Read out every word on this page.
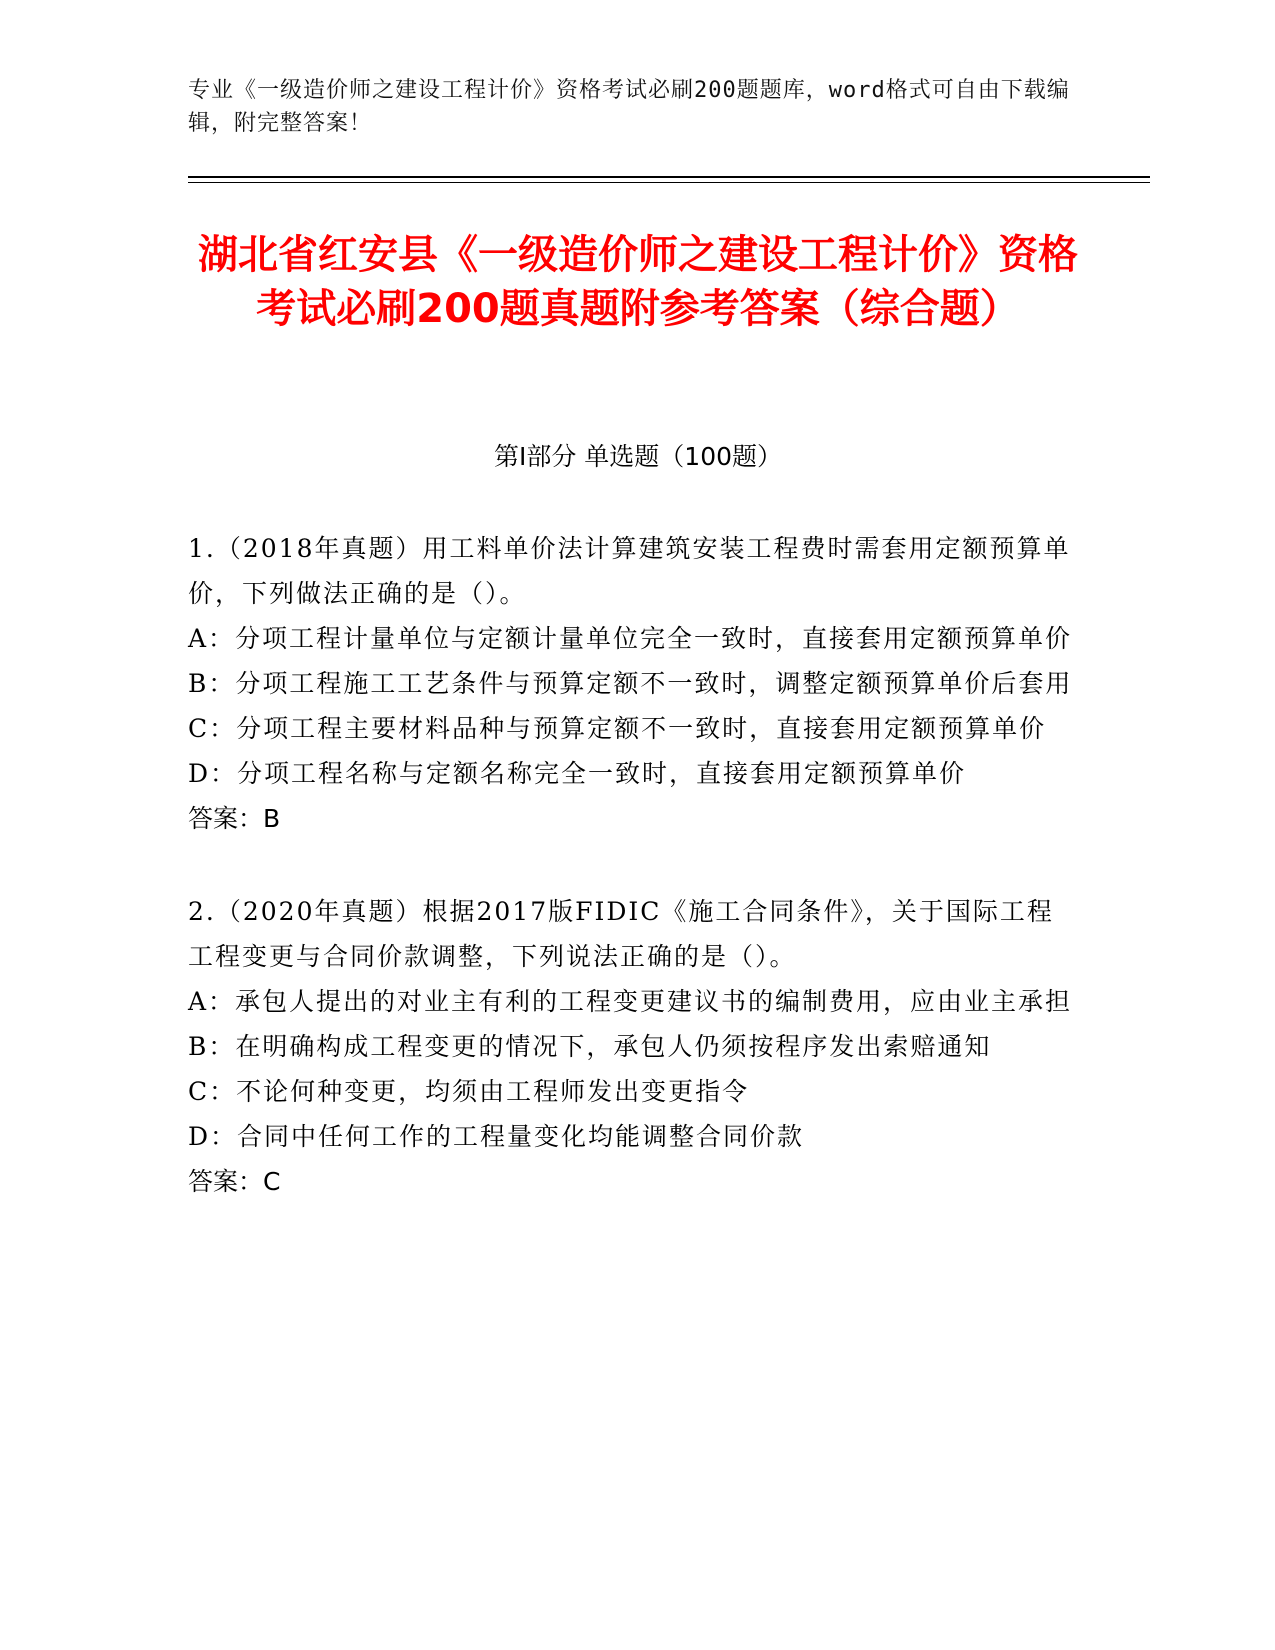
专业《一级造价师之建设工程计价》资格考试必刷200题题库，word格式可自由下载编辑，附完整答案！
湖北省红安县《一级造价师之建设工程计价》资格考试必刷200题真题附参考答案（综合题）
第Ⅰ部分 单选题（100题）

1.（2018年真题）用工料单价法计算建筑安装工程费时需套用定额预算单价，下列做法正确的是（）。

A：分项工程计量单位与定额计量单位完全一致时，直接套用定额预算单价

B：分项工程施工工艺条件与预算定额不一致时，调整定额预算单价后套用

C：分项工程主要材料品种与预算定额不一致时，直接套用定额预算单价

D：分项工程名称与定额名称完全一致时，直接套用定额预算单价

答案：B

2.（2020年真题）根据2017版FIDIC《施工合同条件》，关于国际工程工程变更与合同价款调整，下列说法正确的是（）。

A：承包人提出的对业主有利的工程变更建议书的编制费用，应由业主承担

B：在明确构成工程变更的情况下，承包人仍须按程序发出索赔通知

C：不论何种变更，均须由工程师发出变更指令

D：合同中任何工作的工程量变化均能调整合同价款

答案：C
